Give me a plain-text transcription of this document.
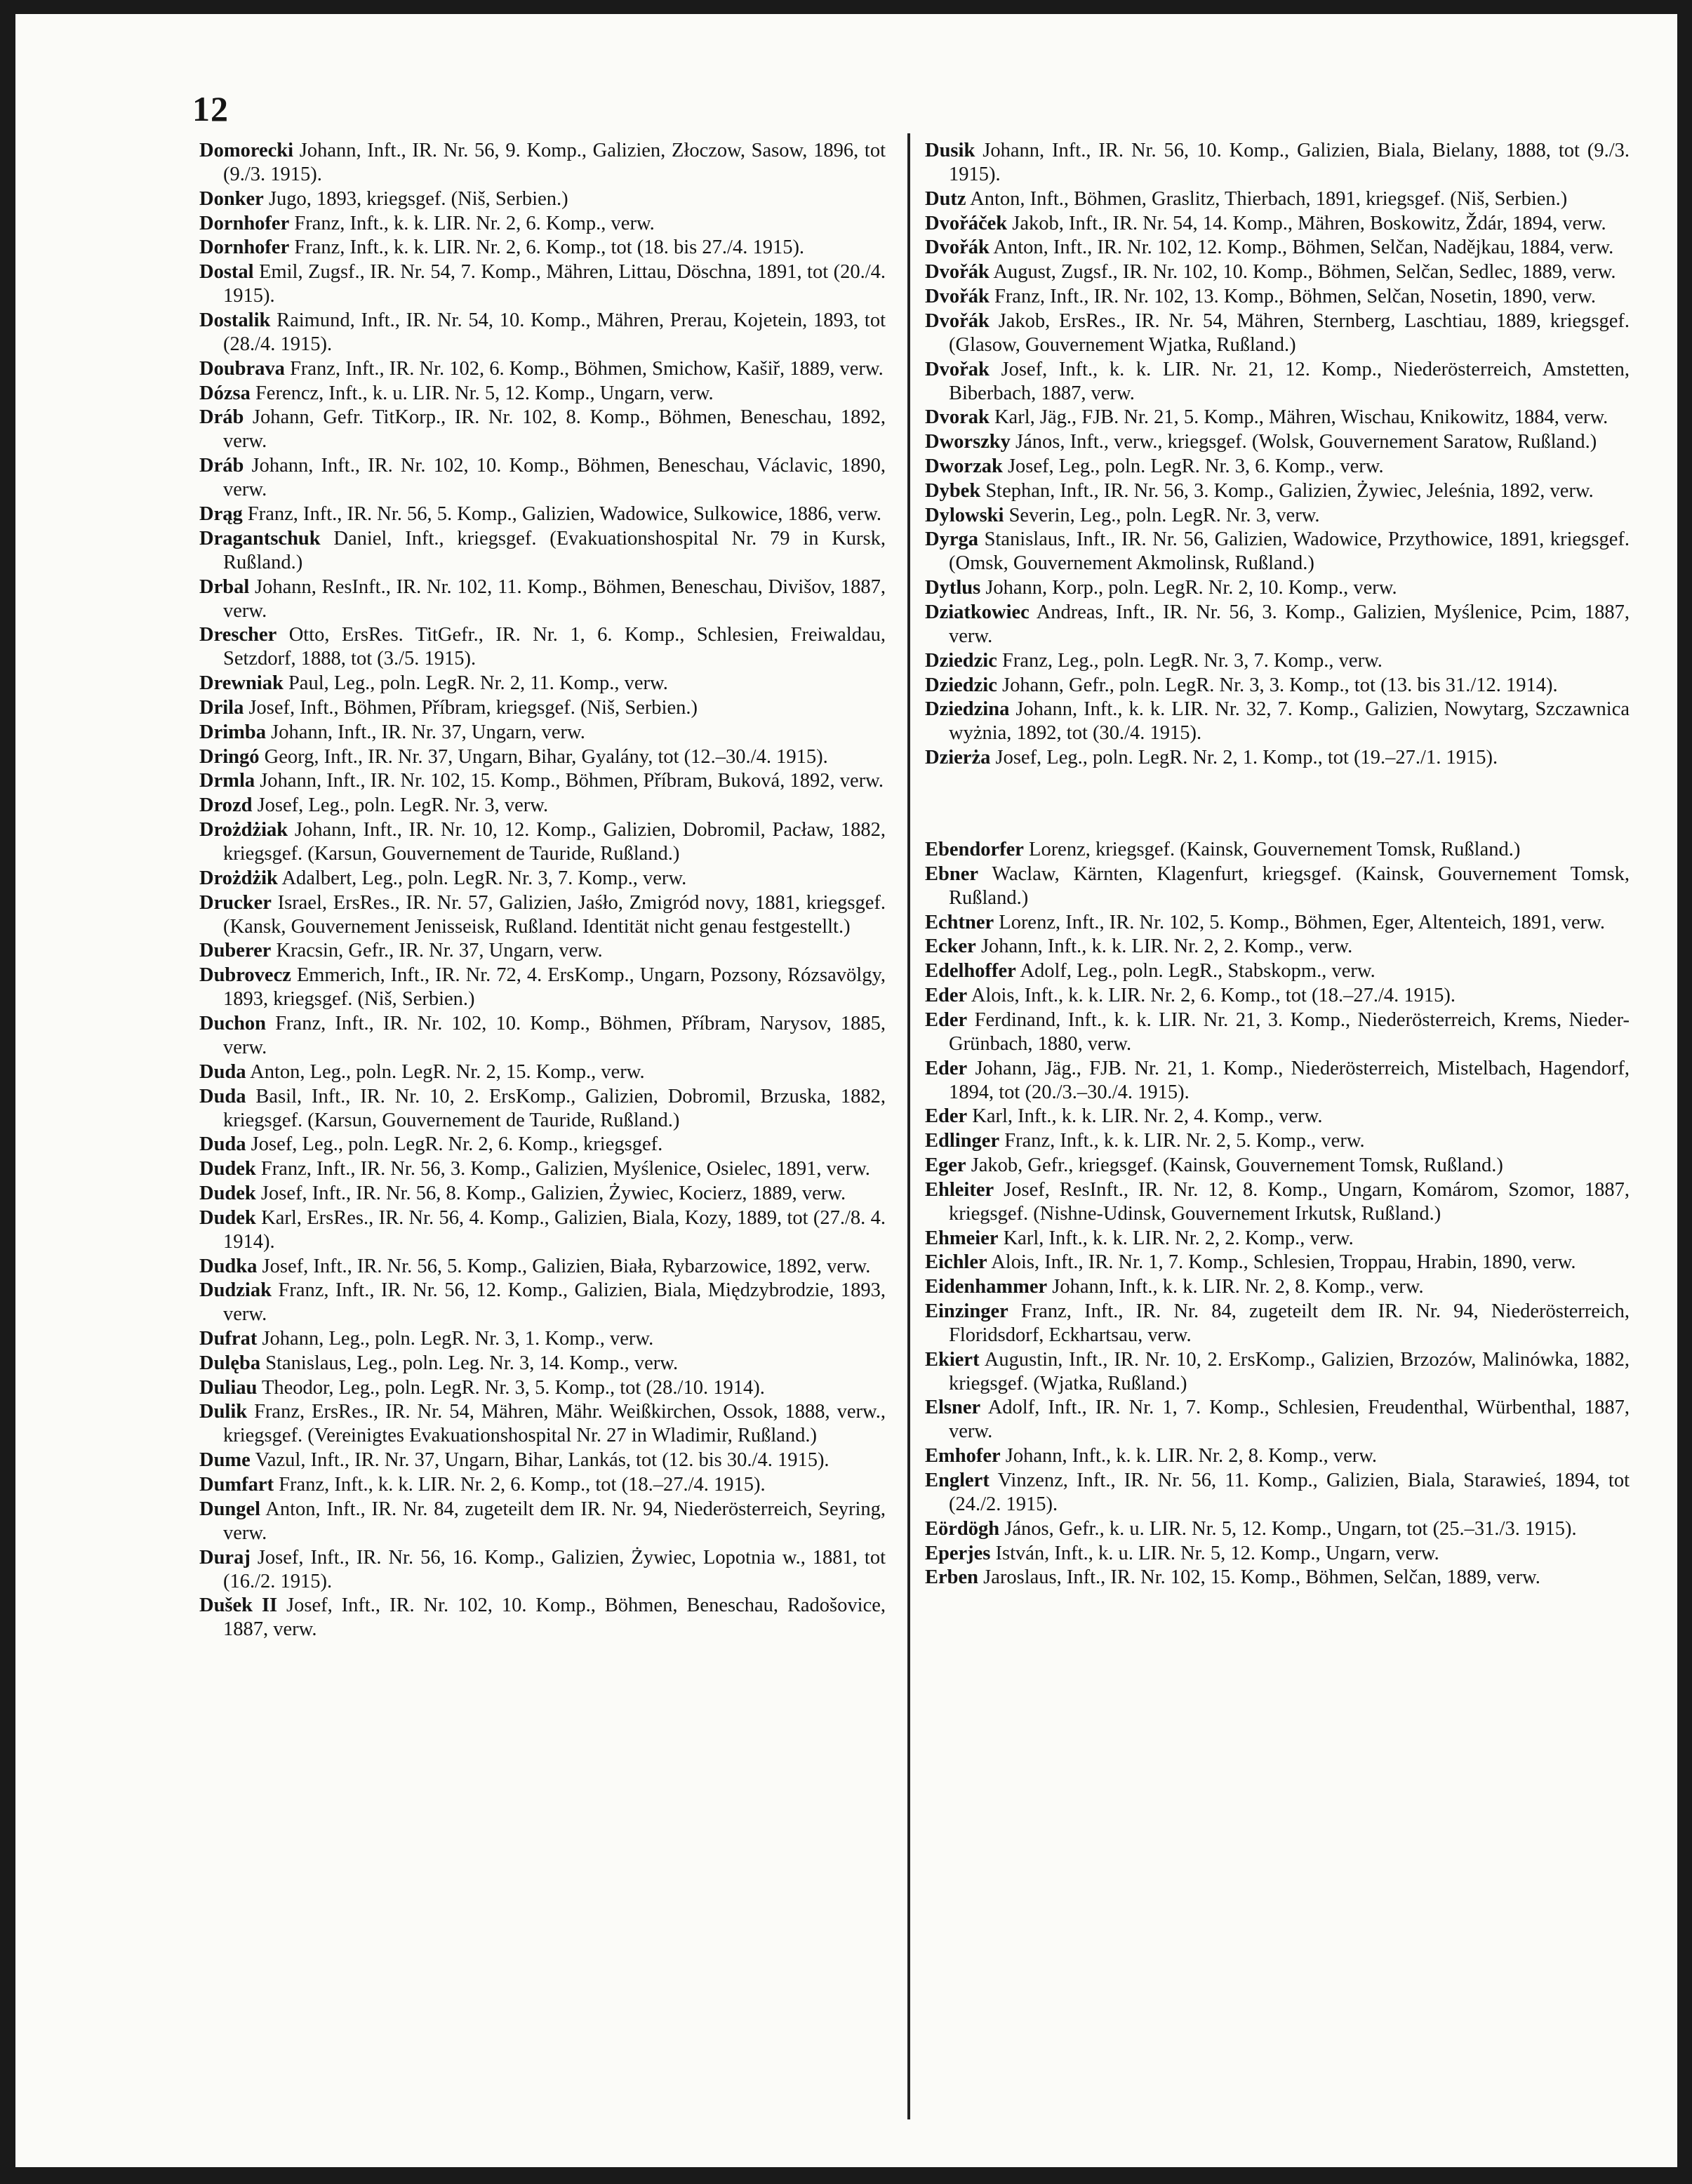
12

Domorecki Johann, Inft., IR. Nr. 56, 9. Komp., Galizien, Złoczow, Sasow, 1896, tot (9./3. 1915).

Donker Jugo, 1893, kriegsgef. (Niš, Serbien.)

Dornhofer Franz, Inft., k. k. LIR. Nr. 2, 6. Komp., verw.

Dornhofer Franz, Inft., k. k. LIR. Nr. 2, 6. Komp., tot (18. bis 27./4. 1915).

Dostal Emil, Zugsf., IR. Nr. 54, 7. Komp., Mähren, Littau, Döschna, 1891, tot (20./4. 1915).

Dostalik Raimund, Inft., IR. Nr. 54, 10. Komp., Mähren, Prerau, Kojetein, 1893, tot (28./4. 1915).

Doubrava Franz, Inft., IR. Nr. 102, 6. Komp., Böhmen, Smichow, Kašiř, 1889, verw.

Dózsa Ferencz, Inft., k. u. LIR. Nr. 5, 12. Komp., Ungarn, verw.

Dráb Johann, Gefr. TitKorp., IR. Nr. 102, 8. Komp., Böhmen, Beneschau, 1892, verw.

Dráb Johann, Inft., IR. Nr. 102, 10. Komp., Böhmen, Beneschau, Václavic, 1890, verw.

Drąg Franz, Inft., IR. Nr. 56, 5. Komp., Galizien, Wadowice, Sulkowice, 1886, verw.

Dragantschuk Daniel, Inft., kriegsgef. (Evakuationshospital Nr. 79 in Kursk, Rußland.)

Drbal Johann, ResInft., IR. Nr. 102, 11. Komp., Böhmen, Beneschau, Divišov, 1887, verw.

Drescher Otto, ErsRes. TitGefr., IR. Nr. 1, 6. Komp., Schlesien, Freiwaldau, Setzdorf, 1888, tot (3./5. 1915).

Drewniak Paul, Leg., poln. LegR. Nr. 2, 11. Komp., verw.

Drila Josef, Inft., Böhmen, Příbram, kriegsgef. (Niš, Serbien.)

Drimba Johann, Inft., IR. Nr. 37, Ungarn, verw.

Dringó Georg, Inft., IR. Nr. 37, Ungarn, Bihar, Gyalány, tot (12.–30./4. 1915).

Drmla Johann, Inft., IR. Nr. 102, 15. Komp., Böhmen, Příbram, Buková, 1892, verw.

Drozd Josef, Leg., poln. LegR. Nr. 3, verw.

Drożdżiak Johann, Inft., IR. Nr. 10, 12. Komp., Galizien, Dobromil, Pacław, 1882, kriegsgef. (Karsun, Gouvernement de Tauride, Rußland.)

Drożdżik Adalbert, Leg., poln. LegR. Nr. 3, 7. Komp., verw.

Drucker Israel, ErsRes., IR. Nr. 57, Galizien, Jaśło, Zmigród novy, 1881, kriegsgef. (Kansk, Gouvernement Jenisseisk, Rußland. Identität nicht genau festgestellt.)

Duberer Kracsin, Gefr., IR. Nr. 37, Ungarn, verw.

Dubrovecz Emmerich, Inft., IR. Nr. 72, 4. ErsKomp., Ungarn, Pozsony, Rózsavölgy, 1893, kriegsgef. (Niš, Serbien.)

Duchon Franz, Inft., IR. Nr. 102, 10. Komp., Böhmen, Příbram, Narysov, 1885, verw.

Duda Anton, Leg., poln. LegR. Nr. 2, 15. Komp., verw.

Duda Basil, Inft., IR. Nr. 10, 2. ErsKomp., Galizien, Dobromil, Brzuska, 1882, kriegsgef. (Karsun, Gouvernement de Tauride, Rußland.)

Duda Josef, Leg., poln. LegR. Nr. 2, 6. Komp., kriegsgef.

Dudek Franz, Inft., IR. Nr. 56, 3. Komp., Galizien, Myślenice, Osielec, 1891, verw.

Dudek Josef, Inft., IR. Nr. 56, 8. Komp., Galizien, Żywiec, Kocierz, 1889, verw.

Dudek Karl, ErsRes., IR. Nr. 56, 4. Komp., Galizien, Biala, Kozy, 1889, tot (27./8. 4. 1914).

Dudka Josef, Inft., IR. Nr. 56, 5. Komp., Galizien, Biała, Rybarzowice, 1892, verw.

Dudziak Franz, Inft., IR. Nr. 56, 12. Komp., Galizien, Biala, Międzybrodzie, 1893, verw.

Dufrat Johann, Leg., poln. LegR. Nr. 3, 1. Komp., verw.

Dulęba Stanislaus, Leg., poln. Leg. Nr. 3, 14. Komp., verw.

Duliau Theodor, Leg., poln. LegR. Nr. 3, 5. Komp., tot (28./10. 1914).

Dulik Franz, ErsRes., IR. Nr. 54, Mähren, Mähr. Weißkirchen, Ossok, 1888, verw., kriegsgef. (Vereinigtes Evakuationshospital Nr. 27 in Wladimir, Rußland.)

Dume Vazul, Inft., IR. Nr. 37, Ungarn, Bihar, Lankás, tot (12. bis 30./4. 1915).

Dumfart Franz, Inft., k. k. LIR. Nr. 2, 6. Komp., tot (18.–27./4. 1915).

Dungel Anton, Inft., IR. Nr. 84, zugeteilt dem IR. Nr. 94, Niederösterreich, Seyring, verw.

Duraj Josef, Inft., IR. Nr. 56, 16. Komp., Galizien, Żywiec, Lopotnia w., 1881, tot (16./2. 1915).

Dušek II Josef, Inft., IR. Nr. 102, 10. Komp., Böhmen, Beneschau, Radošovice, 1887, verw.

Dusik Johann, Inft., IR. Nr. 56, 10. Komp., Galizien, Biala, Bielany, 1888, tot (9./3. 1915).

Dutz Anton, Inft., Böhmen, Graslitz, Thierbach, 1891, kriegsgef. (Niš, Serbien.)

Dvořáček Jakob, Inft., IR. Nr. 54, 14. Komp., Mähren, Boskowitz, Ždár, 1894, verw.

Dvořák Anton, Inft., IR. Nr. 102, 12. Komp., Böhmen, Selčan, Nadějkau, 1884, verw.

Dvořák August, Zugsf., IR. Nr. 102, 10. Komp., Böhmen, Selčan, Sedlec, 1889, verw.

Dvořák Franz, Inft., IR. Nr. 102, 13. Komp., Böhmen, Selčan, Nosetin, 1890, verw.

Dvořák Jakob, ErsRes., IR. Nr. 54, Mähren, Sternberg, Laschtiau, 1889, kriegsgef. (Glasow, Gouvernement Wjatka, Rußland.)

Dvořak Josef, Inft., k. k. LIR. Nr. 21, 12. Komp., Niederösterreich, Amstetten, Biberbach, 1887, verw.

Dvorak Karl, Jäg., FJB. Nr. 21, 5. Komp., Mähren, Wischau, Knikowitz, 1884, verw.

Dworszky János, Inft., verw., kriegsgef. (Wolsk, Gouvernement Saratow, Rußland.)

Dworzak Josef, Leg., poln. LegR. Nr. 3, 6. Komp., verw.

Dybek Stephan, Inft., IR. Nr. 56, 3. Komp., Galizien, Żywiec, Jeleśnia, 1892, verw.

Dylowski Severin, Leg., poln. LegR. Nr. 3, verw.

Dyrga Stanislaus, Inft., IR. Nr. 56, Galizien, Wadowice, Przythowice, 1891, kriegsgef. (Omsk, Gouvernement Akmolinsk, Rußland.)

Dytlus Johann, Korp., poln. LegR. Nr. 2, 10. Komp., verw.

Dziatkowiec Andreas, Inft., IR. Nr. 56, 3. Komp., Galizien, Myślenice, Pcim, 1887, verw.

Dziedzic Franz, Leg., poln. LegR. Nr. 3, 7. Komp., verw.

Dziedzic Johann, Gefr., poln. LegR. Nr. 3, 3. Komp., tot (13. bis 31./12. 1914).

Dziedzina Johann, Inft., k. k. LIR. Nr. 32, 7. Komp., Galizien, Nowytarg, Szczawnica wyżnia, 1892, tot (30./4. 1915).

Dzierża Josef, Leg., poln. LegR. Nr. 2, 1. Komp., tot (19.–27./1. 1915).

Ebendorfer Lorenz, kriegsgef. (Kainsk, Gouvernement Tomsk, Rußland.)

Ebner Waclaw, Kärnten, Klagenfurt, kriegsgef. (Kainsk, Gouvernement Tomsk, Rußland.)

Echtner Lorenz, Inft., IR. Nr. 102, 5. Komp., Böhmen, Eger, Altenteich, 1891, verw.

Ecker Johann, Inft., k. k. LIR. Nr. 2, 2. Komp., verw.

Edelhoffer Adolf, Leg., poln. LegR., Stabskopm., verw.

Eder Alois, Inft., k. k. LIR. Nr. 2, 6. Komp., tot (18.–27./4. 1915).

Eder Ferdinand, Inft., k. k. LIR. Nr. 21, 3. Komp., Niederösterreich, Krems, Nieder-Grünbach, 1880, verw.

Eder Johann, Jäg., FJB. Nr. 21, 1. Komp., Niederösterreich, Mistelbach, Hagendorf, 1894, tot (20./3.–30./4. 1915).

Eder Karl, Inft., k. k. LIR. Nr. 2, 4. Komp., verw.

Edlinger Franz, Inft., k. k. LIR. Nr. 2, 5. Komp., verw.

Eger Jakob, Gefr., kriegsgef. (Kainsk, Gouvernement Tomsk, Rußland.)

Ehleiter Josef, ResInft., IR. Nr. 12, 8. Komp., Ungarn, Komárom, Szomor, 1887, kriegsgef. (Nishne-Udinsk, Gouvernement Irkutsk, Rußland.)

Ehmeier Karl, Inft., k. k. LIR. Nr. 2, 2. Komp., verw.

Eichler Alois, Inft., IR. Nr. 1, 7. Komp., Schlesien, Troppau, Hrabin, 1890, verw.

Eidenhammer Johann, Inft., k. k. LIR. Nr. 2, 8. Komp., verw.

Einzinger Franz, Inft., IR. Nr. 84, zugeteilt dem IR. Nr. 94, Niederösterreich, Floridsdorf, Eckhartsau, verw.

Ekiert Augustin, Inft., IR. Nr. 10, 2. ErsKomp., Galizien, Brzozów, Malinówka, 1882, kriegsgef. (Wjatka, Rußland.)

Elsner Adolf, Inft., IR. Nr. 1, 7. Komp., Schlesien, Freudenthal, Würbenthal, 1887, verw.

Emhofer Johann, Inft., k. k. LIR. Nr. 2, 8. Komp., verw.

Englert Vinzenz, Inft., IR. Nr. 56, 11. Komp., Galizien, Biala, Starawieś, 1894, tot (24./2. 1915).

Eördögh János, Gefr., k. u. LIR. Nr. 5, 12. Komp., Ungarn, tot (25.–31./3. 1915).

Eperjes István, Inft., k. u. LIR. Nr. 5, 12. Komp., Ungarn, verw.

Erben Jaroslaus, Inft., IR. Nr. 102, 15. Komp., Böhmen, Selčan, 1889, verw.
